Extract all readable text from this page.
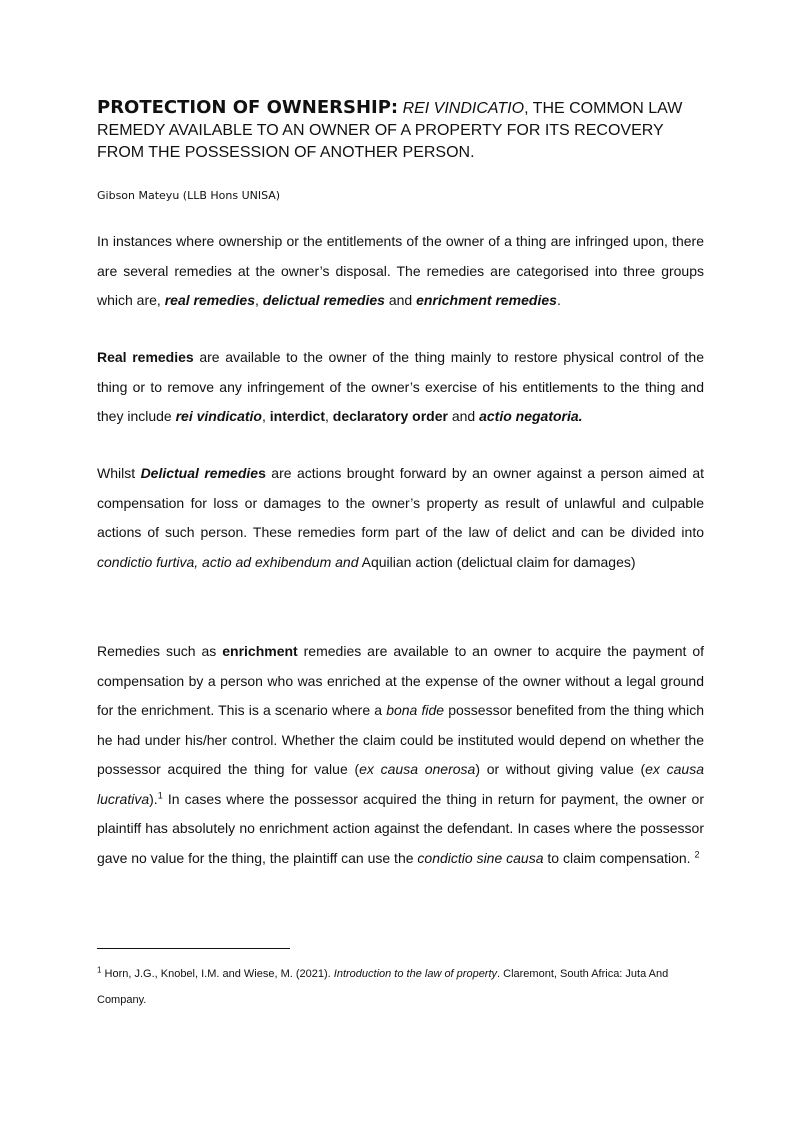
PROTECTION OF OWNERSHIP: REI VINDICATIO, THE COMMON LAW REMEDY AVAILABLE TO AN OWNER OF A PROPERTY FOR ITS RECOVERY FROM THE POSSESSION OF ANOTHER PERSON.
Gibson Mateyu (LLB Hons UNISA)

In instances where ownership or the entitlements of the owner of a thing are infringed upon, there are several remedies at the owner’s disposal. The remedies are categorised into three groups which are, real remedies, delictual remedies and enrichment remedies.

Real remedies are available to the owner of the thing mainly to restore physical control of the thing or to remove any infringement of the owner’s exercise of his entitlements to the thing and they include rei vindicatio, interdict, declaratory order and actio negatoria.

Whilst Delictual remedies are actions brought forward by an owner against a person aimed at compensation for loss or damages to the owner’s property as result of unlawful and culpable actions of such person. These remedies form part of the law of delict and can be divided into condictio furtiva, actio ad exhibendum and Aquilian action (delictual claim for damages)

Remedies such as enrichment remedies are available to an owner to acquire the payment of compensation by a person who was enriched at the expense of the owner without a legal ground for the enrichment. This is a scenario where a bona fide possessor benefited from the thing which he had under his/her control. Whether the claim could be instituted would depend on whether the possessor acquired the thing for value (ex causa onerosa) or without giving value (ex causa lucrativa).$^1$ In cases where the possessor acquired the thing in return for payment, the owner or plaintiff has absolutely no enrichment action against the defendant. In cases where the possessor gave no value for the thing, the plaintiff can use the condictio sine causa to claim compensation. $^2$

$^1$ Horn, J.G., Knobel, I.M. and Wiese, M. (2021). Introduction to the law of property. Claremont, South Africa: Juta And Company.
